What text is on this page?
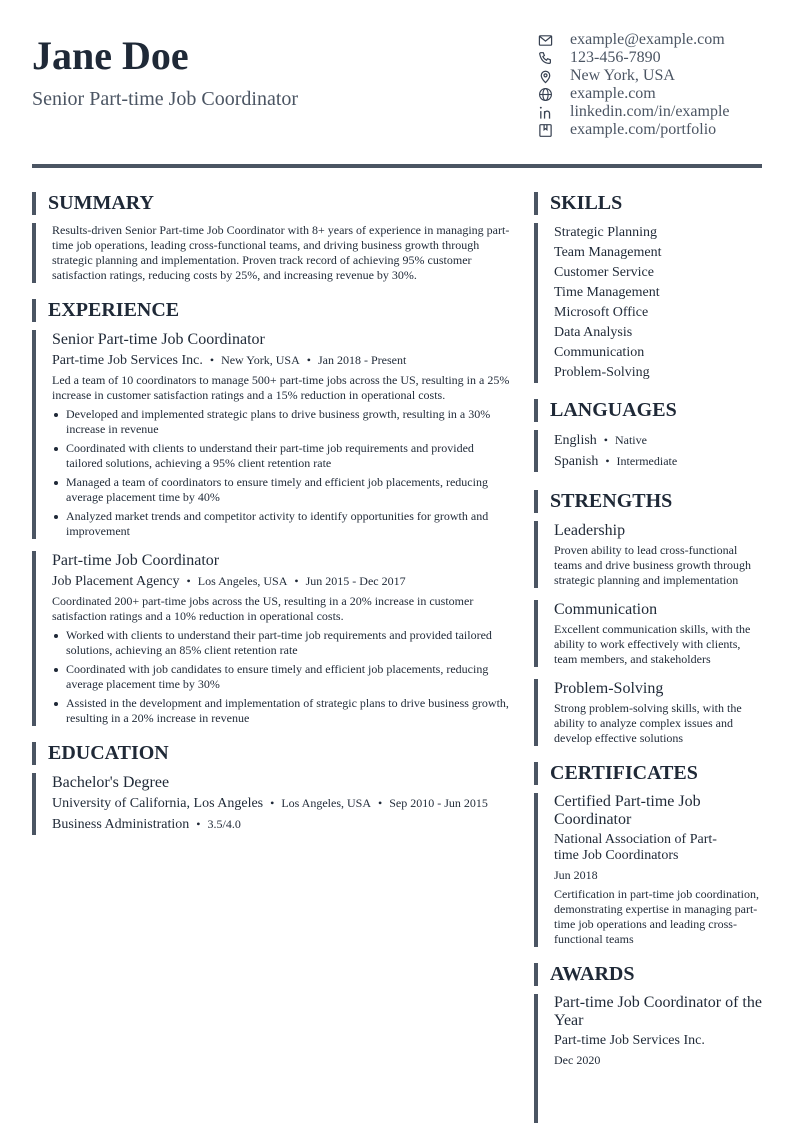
Jane Doe
Senior Part-time Job Coordinator
example@example.com
123-456-7890
New York, USA
example.com
linkedin.com/in/example
example.com/portfolio
SUMMARY
Results-driven Senior Part-time Job Coordinator with 8+ years of experience in managing part-time job operations, leading cross-functional teams, and driving business growth through strategic planning and implementation. Proven track record of achieving 95% customer satisfaction ratings, reducing costs by 25%, and increasing revenue by 30%.
EXPERIENCE
Senior Part-time Job Coordinator
Part-time Job Services Inc. • New York, USA • Jan 2018 - Present
Led a team of 10 coordinators to manage 500+ part-time jobs across the US, resulting in a 25% increase in customer satisfaction ratings and a 15% reduction in operational costs.
Developed and implemented strategic plans to drive business growth, resulting in a 30% increase in revenue
Coordinated with clients to understand their part-time job requirements and provided tailored solutions, achieving a 95% client retention rate
Managed a team of coordinators to ensure timely and efficient job placements, reducing average placement time by 40%
Analyzed market trends and competitor activity to identify opportunities for growth and improvement
Part-time Job Coordinator
Job Placement Agency • Los Angeles, USA • Jun 2015 - Dec 2017
Coordinated 200+ part-time jobs across the US, resulting in a 20% increase in customer satisfaction ratings and a 10% reduction in operational costs.
Worked with clients to understand their part-time job requirements and provided tailored solutions, achieving an 85% client retention rate
Coordinated with job candidates to ensure timely and efficient job placements, reducing average placement time by 30%
Assisted in the development and implementation of strategic plans to drive business growth, resulting in a 20% increase in revenue
EDUCATION
Bachelor's Degree
University of California, Los Angeles • Los Angeles, USA • Sep 2010 - Jun 2015
Business Administration • 3.5/4.0
SKILLS
Strategic Planning
Team Management
Customer Service
Time Management
Microsoft Office
Data Analysis
Communication
Problem-Solving
LANGUAGES
English • Native
Spanish • Intermediate
STRENGTHS
Leadership
Proven ability to lead cross-functional teams and drive business growth through strategic planning and implementation
Communication
Excellent communication skills, with the ability to work effectively with clients, team members, and stakeholders
Problem-Solving
Strong problem-solving skills, with the ability to analyze complex issues and develop effective solutions
CERTIFICATES
Certified Part-time Job Coordinator
National Association of Part-time Job Coordinators
Jun 2018
Certification in part-time job coordination, demonstrating expertise in managing part-time job operations and leading cross-functional teams
AWARDS
Part-time Job Coordinator of the Year
Part-time Job Services Inc.
Dec 2020
